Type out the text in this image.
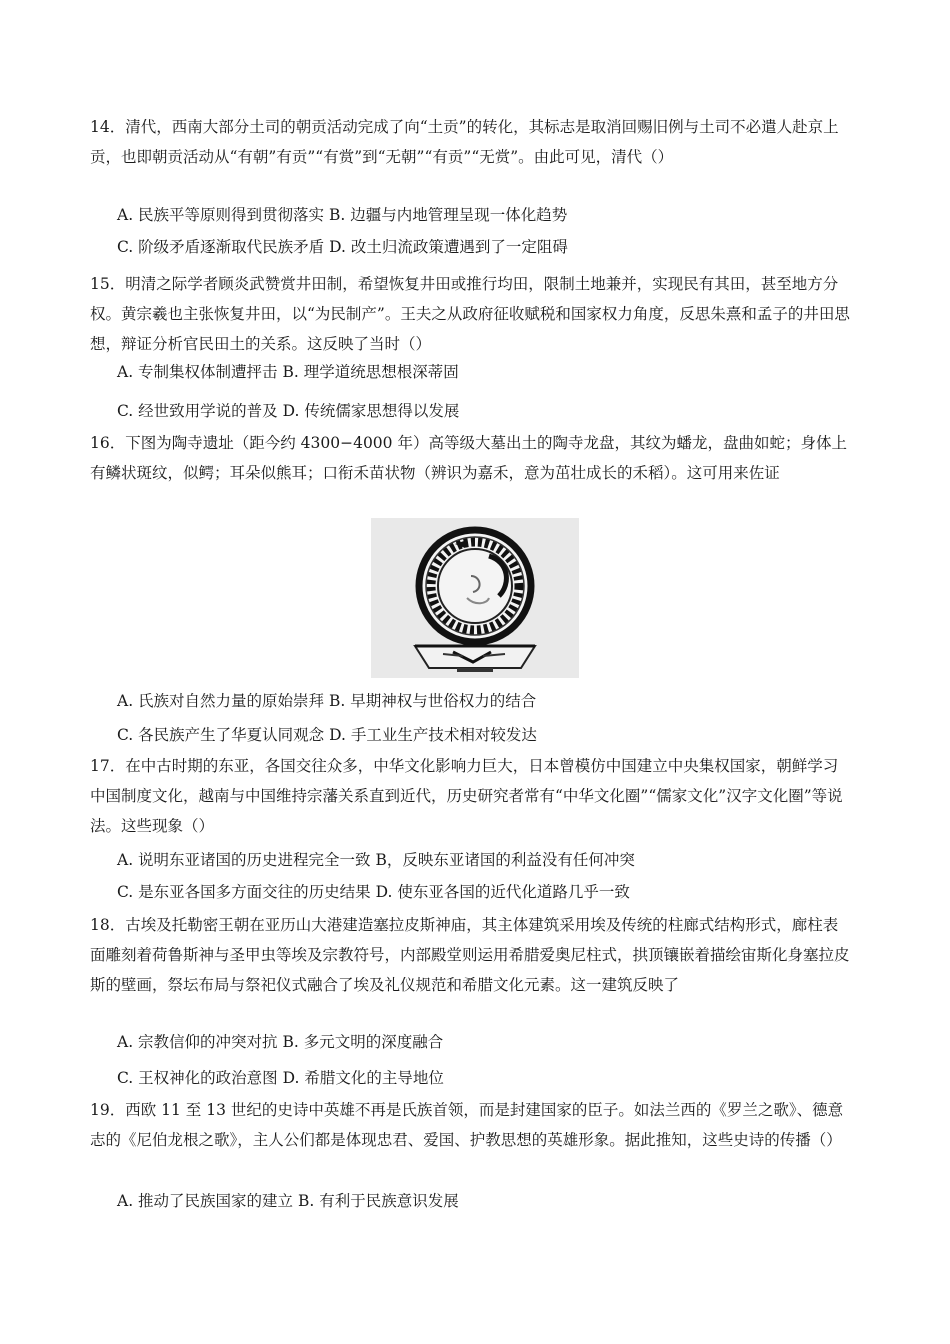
14．清代，西南大部分土司的朝贡活动完成了向“土贡”的转化，其标志是取消回赐旧例与土司不必遣人赴京上贡，也即朝贡活动从“有朝”有贡”“有赏”到“无朝”“有贡”“无赏”。由此可见，清代（）
A. 民族平等原则得到贯彻落实 B. 边疆与内地管理呈现一体化趋势
C. 阶级矛盾逐渐取代民族矛盾 D. 改土归流政策遭遇到了一定阻碍
15．明清之际学者顾炎武赞赏井田制，希望恢复井田或推行均田，限制土地兼并，实现民有其田，甚至地方分权。黄宗羲也主张恢复井田，以“为民制产”。王夫之从政府征收赋税和国家权力角度，反思朱熹和孟子的井田思想，辩证分析官民田土的关系。这反映了当时（）
A. 专制集权体制遭抨击 B. 理学道统思想根深蒂固
C. 经世致用学说的普及 D. 传统儒家思想得以发展
16．下图为陶寺遗址（距今约 4300−4000 年）高等级大墓出土的陶寺龙盘，其纹为蟠龙，盘曲如蛇；身体上有鳞状斑纹，似鳄；耳朵似熊耳；口衔禾苗状物（辨识为嘉禾，意为茁壮成长的禾稻）。这可用来佐证
A. 氏族对自然力量的原始崇拜 B. 早期神权与世俗权力的结合
C. 各民族产生了华夏认同观念 D. 手工业生产技术相对较发达
17．在中古时期的东亚，各国交往众多，中华文化影响力巨大，日本曾模仿中国建立中央集权国家，朝鲜学习中国制度文化，越南与中国维持宗藩关系直到近代，历史研究者常有“中华文化圈”“儒家文化”汉字文化圈”等说法。这些现象（）
A. 说明东亚诸国的历史进程完全一致 B，反映东亚诸国的利益没有任何冲突
C. 是东亚各国多方面交往的历史结果 D. 使东亚各国的近代化道路几乎一致
18．古埃及托勒密王朝在亚历山大港建造塞拉皮斯神庙，其主体建筑采用埃及传统的柱廊式结构形式，廊柱表面雕刻着荷鲁斯神与圣甲虫等埃及宗教符号，内部殿堂则运用希腊爱奥尼柱式，拱顶镶嵌着描绘宙斯化身塞拉皮斯的壁画，祭坛布局与祭祀仪式融合了埃及礼仪规范和希腊文化元素。这一建筑反映了
A. 宗教信仰的冲突对抗 B. 多元文明的深度融合
C. 王权神化的政治意图 D. 希腊文化的主导地位
19．西欧 11 至 13 世纪的史诗中英雄不再是氏族首领，而是封建国家的臣子。如法兰西的《罗兰之歌》、德意志的《尼伯龙根之歌》，主人公们都是体现忠君、爱国、护教思想的英雄形象。据此推知，这些史诗的传播（）
A. 推动了民族国家的建立 B. 有利于民族意识发展
